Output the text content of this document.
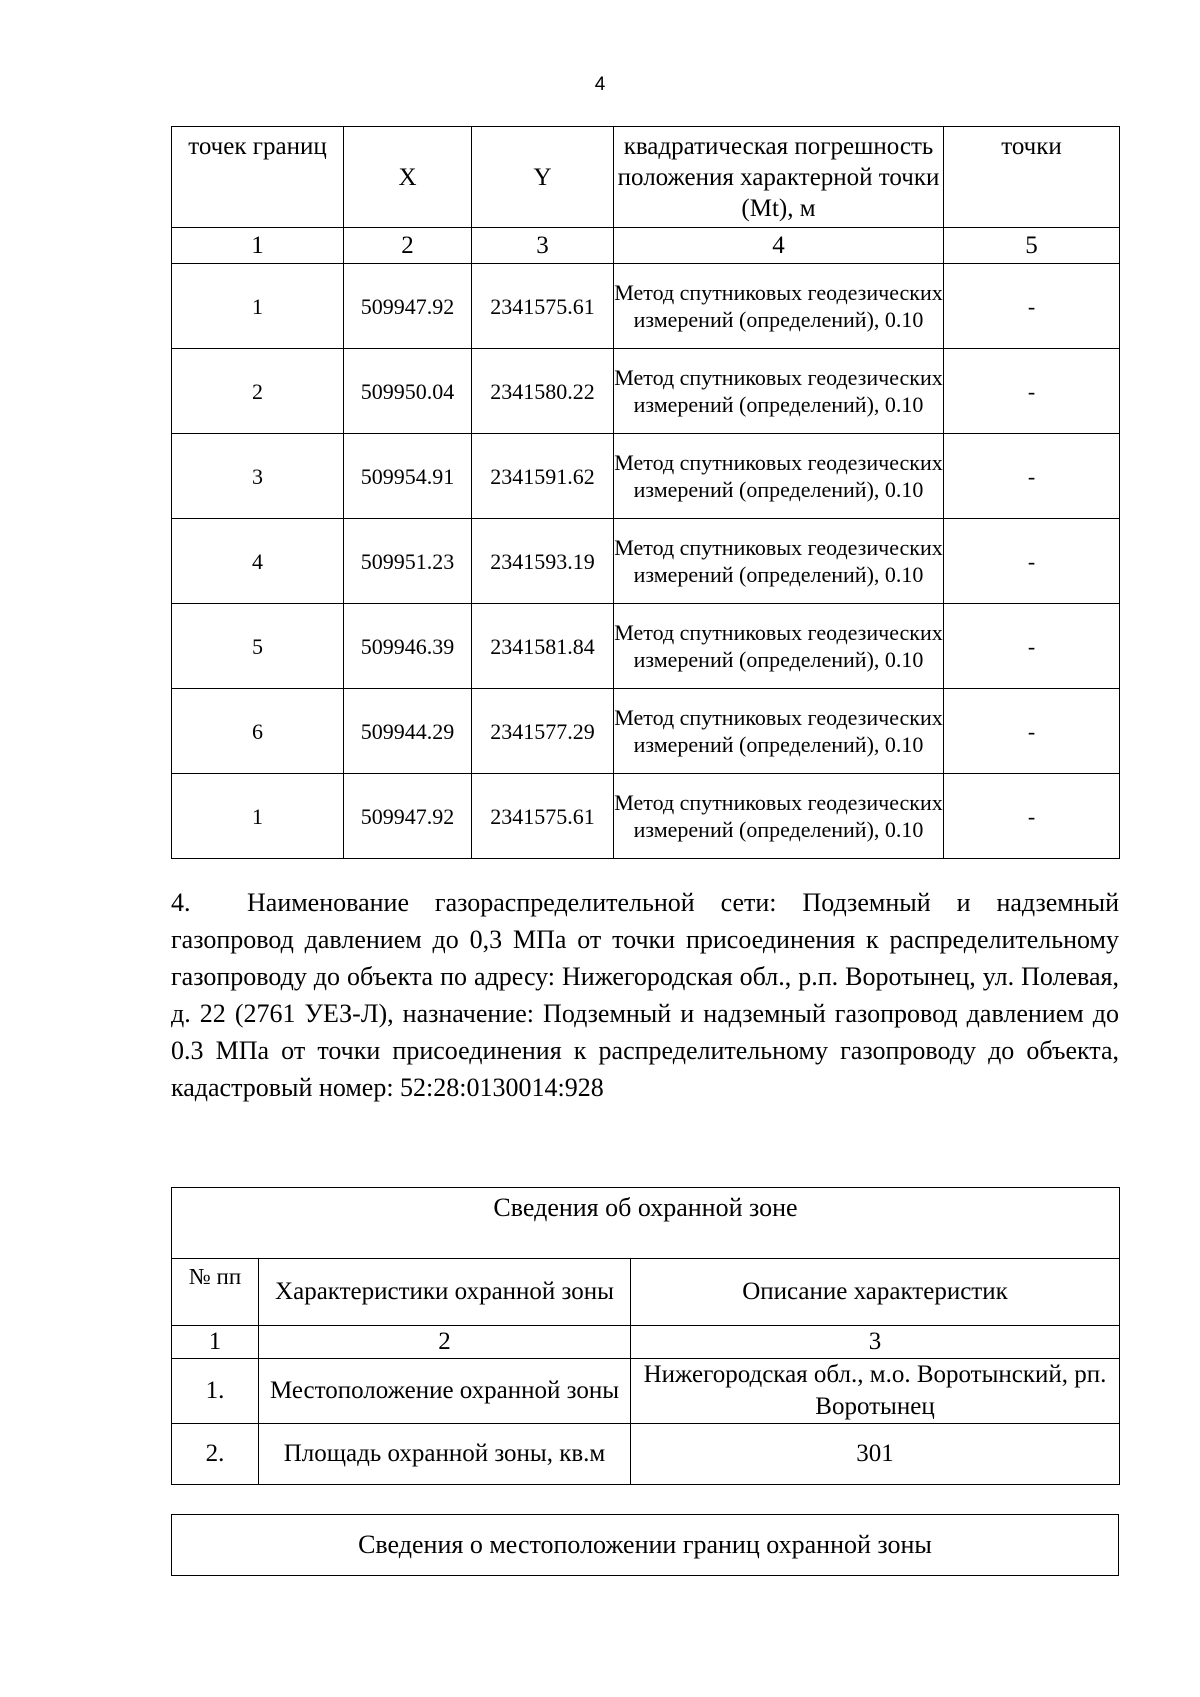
4
точек границ	X	Y	квадратическая погрешность положения характерной точки (Mt), м	точки
1	2	3	4	5
1	509947.92	2341575.61	Метод спутниковых геодезических измерений (определений), 0.10	-
2	509950.04	2341580.22	Метод спутниковых геодезических измерений (определений), 0.10	-
3	509954.91	2341591.62	Метод спутниковых геодезических измерений (определений), 0.10	-
4	509951.23	2341593.19	Метод спутниковых геодезических измерений (определений), 0.10	-
5	509946.39	2341581.84	Метод спутниковых геодезических измерений (определений), 0.10	-
6	509944.29	2341577.29	Метод спутниковых геодезических измерений (определений), 0.10	-
1	509947.92	2341575.61	Метод спутниковых геодезических измерений (определений), 0.10	-

4. Наименование газораспределительной сети: Подземный и надземный газопровод давлением до 0,3 МПа от точки присоединения к распределительному газопроводу до объекта по адресу: Нижегородская обл., р.п. Воротынец, ул. Полевая, д. 22 (2761 УЕЗ-Л), назначение: Подземный и надземный газопровод давлением до 0.3 МПа от точки присоединения к распределительному газопроводу до объекта, кадастровый номер: 52:28:0130014:928

Сведения об охранной зоне		
№ пп	Характеристики охранной зоны	Описание характеристик
1	2	3
1.	Местоположение охранной зоны	Нижегородская обл., м.о. Воротынский, рп. Воротынец
2.	Площадь охранной зоны, кв.м	301
Сведения о местоположении границ охранной зоны
